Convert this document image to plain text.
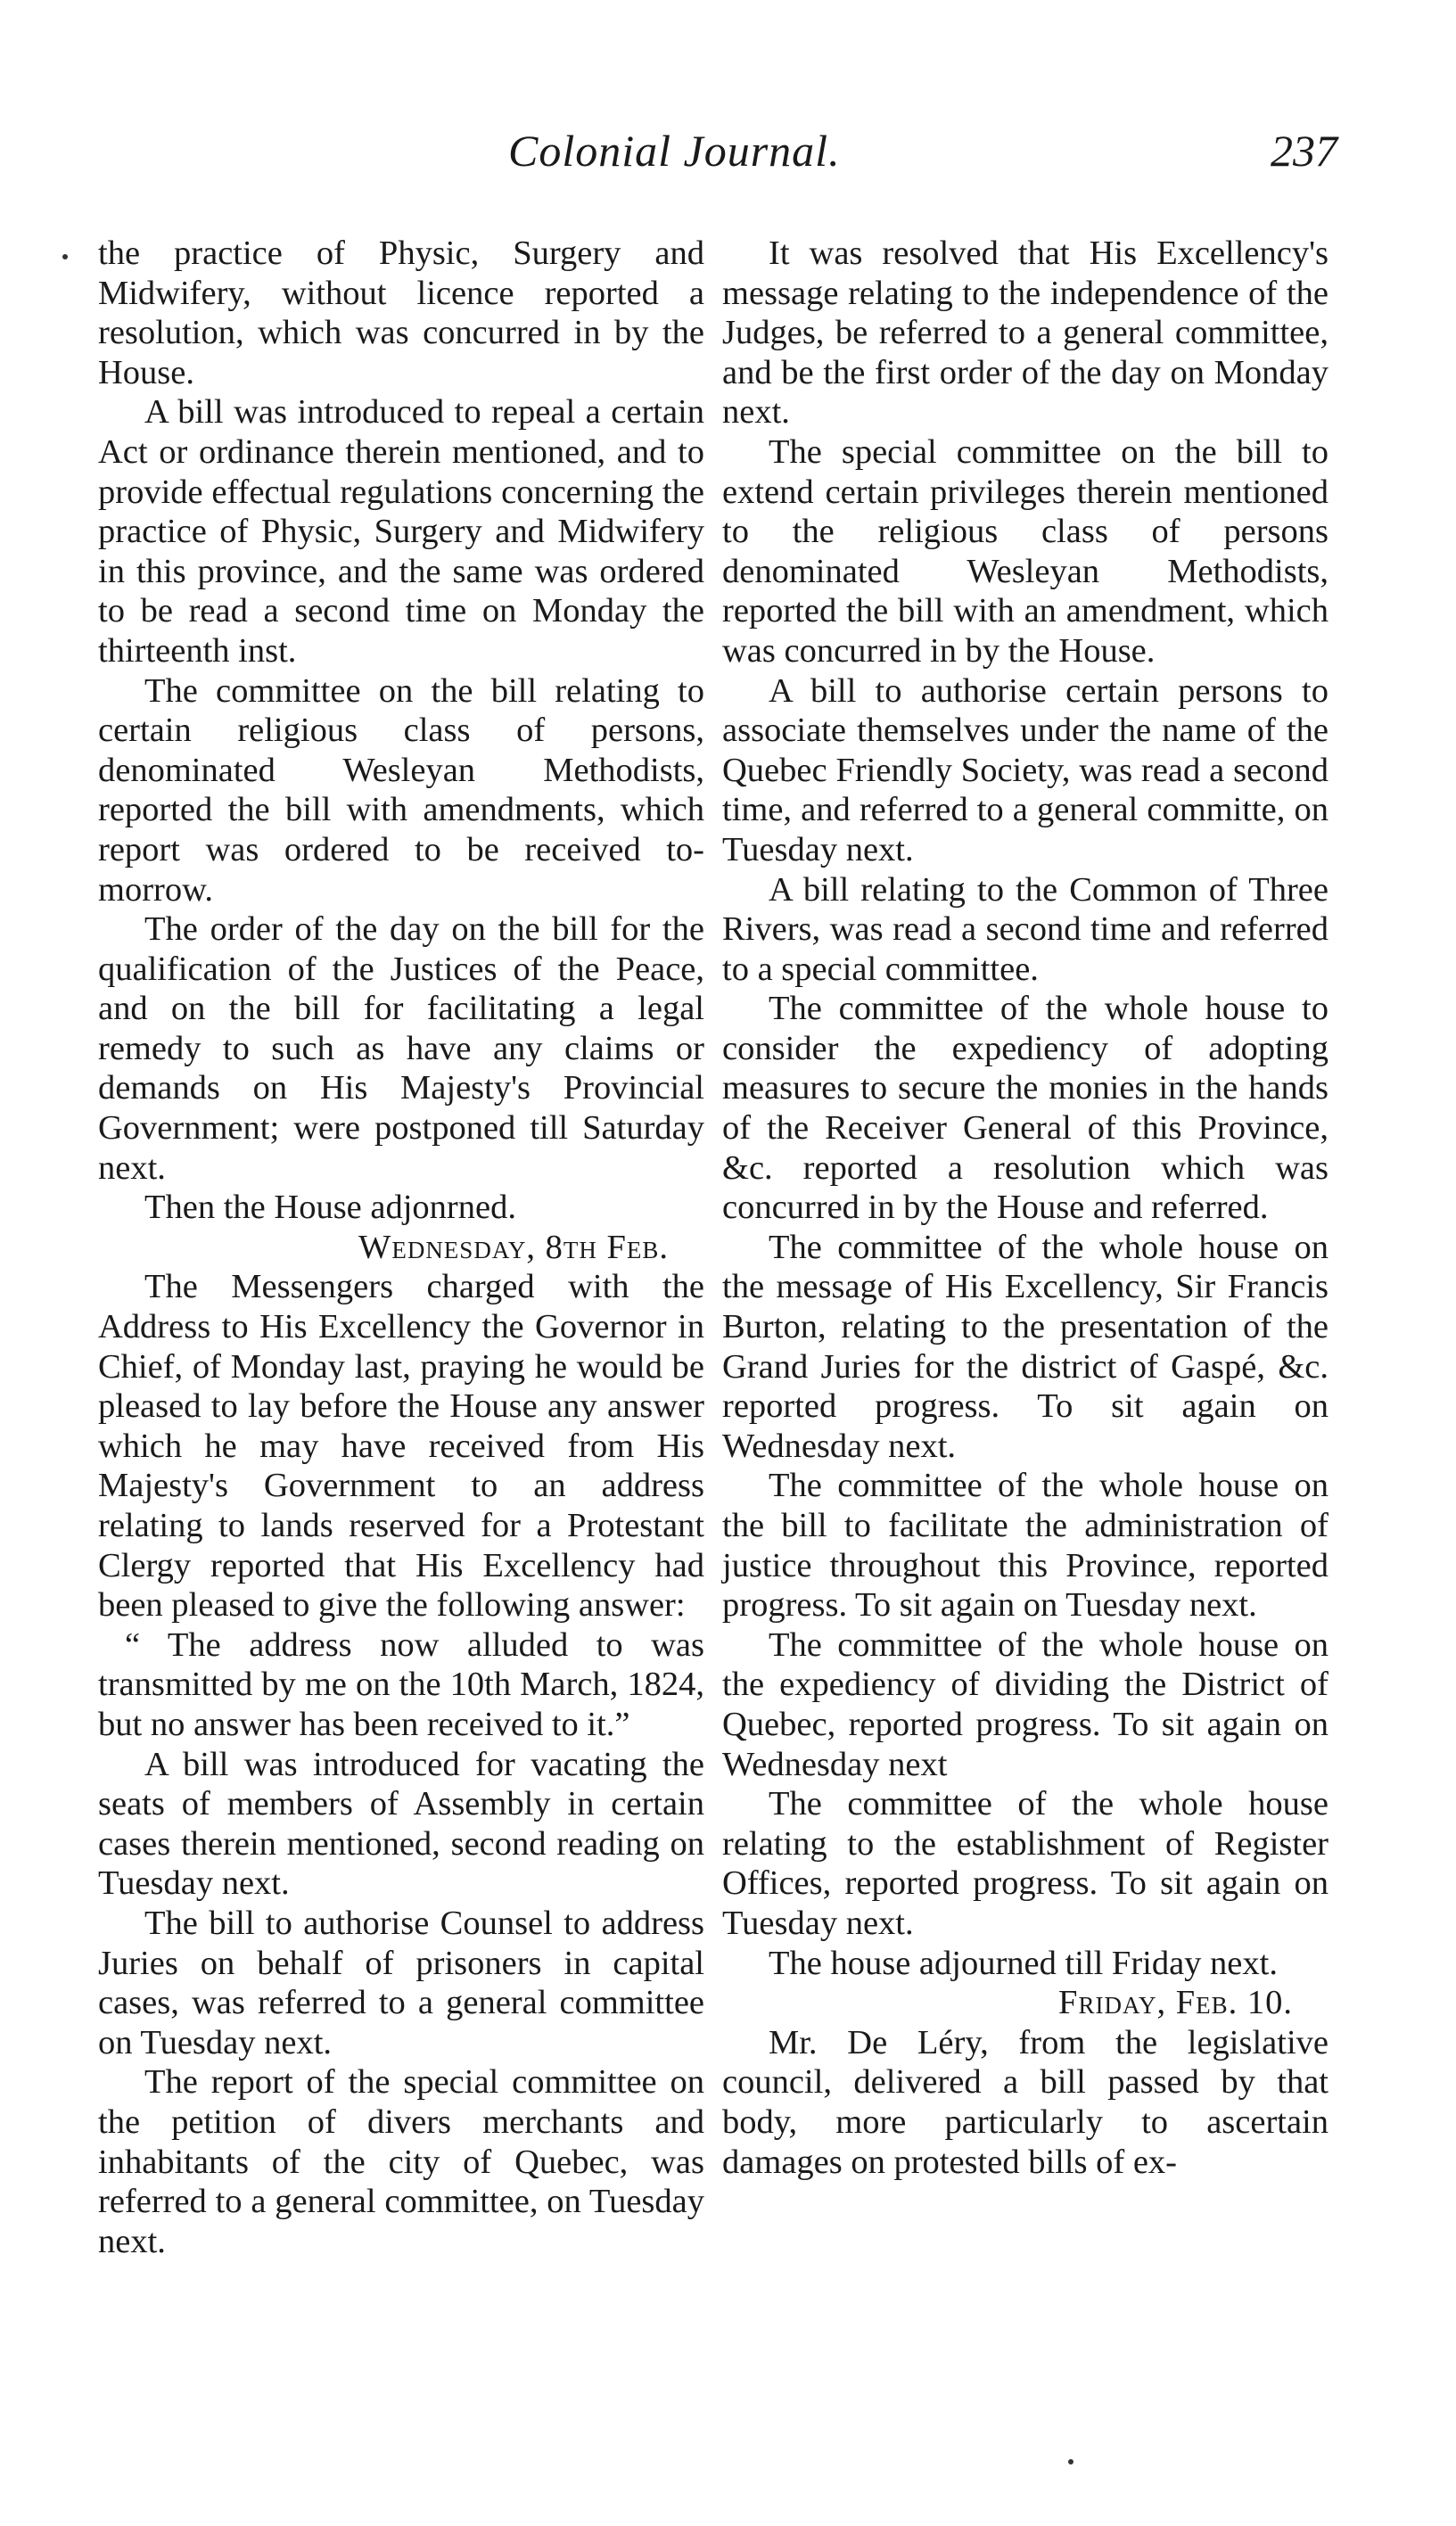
Colonial Journal.	237

the practice of Physic, Surgery and Midwifery, without licence reported a resolution, which was concurred in by the House.

A bill was introduced to repeal a certain Act or ordinance therein mentioned, and to provide effectual regulations concerning the practice of Physic, Surgery and Midwifery in this province, and the same was ordered to be read a second time on Monday the thirteenth inst.

The committee on the bill relating to certain religious class of persons, denominated Wesleyan Methodists, reported the bill with amendments, which report was ordered to be received to-morrow.

The order of the day on the bill for the qualification of the Justices of the Peace, and on the bill for facilitating a legal remedy to such as have any claims or demands on His Majesty's Provincial Government; were postponed till Saturday next.

Then the House adjonrned.

Wednesday, 8th Feb.

The Messengers charged with the Address to His Excellency the Governor in Chief, of Monday last, praying he would be pleased to lay before the House any answer which he may have received from His Majesty's Government to an address relating to lands reserved for a Protestant Clergy reported that His Excellency had been pleased to give the following answer:

“ The address now alluded to was transmitted by me on the 10th March, 1824, but no answer has been received to it.”

A bill was introduced for vacating the seats of members of Assembly in certain cases therein mentioned, second reading on Tuesday next.

The bill to authorise Counsel to address Juries on behalf of prisoners in capital cases, was referred to a general committee on Tuesday next.

The report of the special committee on the petition of divers merchants and inhabitants of the city of Quebec, was referred to a general committee, on Tuesday next.

It was resolved that His Excellency's message relating to the independence of the Judges, be referred to a general committee, and be the first order of the day on Monday next.

The special committee on the bill to extend certain privileges therein mentioned to the religious class of persons denominated Wesleyan Methodists, reported the bill with an amendment, which was concurred in by the House.

A bill to authorise certain persons to associate themselves under the name of the Quebec Friendly Society, was read a second time, and referred to a general committe, on Tuesday next.

A bill relating to the Common of Three Rivers, was read a second time and referred to a special committee.

The committee of the whole house to consider the expediency of adopting measures to secure the monies in the hands of the Receiver General of this Province, &c. reported a resolution which was concurred in by the House and referred.

The committee of the whole house on the message of His Excellency, Sir Francis Burton, relating to the presentation of the Grand Juries for the district of Gaspé, &c. reported progress. To sit again on Wednesday next.

The committee of the whole house on the bill to facilitate the administration of justice throughout this Province, reported progress. To sit again on Tuesday next.

The committee of the whole house on the expediency of dividing the District of Quebec, reported progress. To sit again on Wednesday next

The committee of the whole house relating to the establishment of Register Offices, reported progress. To sit again on Tuesday next.

The house adjourned till Friday next.

Friday, Feb. 10.

Mr. De Léry, from the legislative council, delivered a bill passed by that body, more particularly to ascertain damages on protested bills of ex-
